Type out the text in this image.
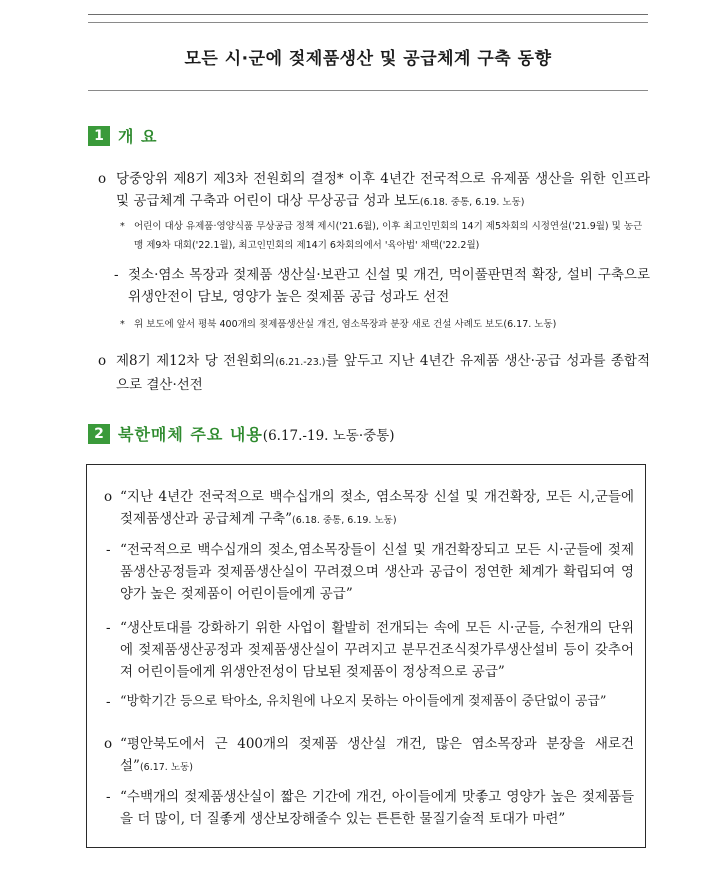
모든 시·군에 젖제품생산 및 공급체계 구축 동향
1 개 요
o 당중앙위 제8기 제3차 전원회의 결정* 이후 4년간 전국적으로 유제품 생산을 위한 인프라 및 공급체계 구축과 어린이 대상 무상공급 성과 보도(6.18. 중통, 6.19. 노동)
* 어린이 대상 유제품·영양식품 무상공급 정책 제시('21.6월), 이후 최고인민회의 14기 제5차회의 시정연설('21.9월) 및 농근맹 제9차 대회('22.1월), 최고인민회의 제14기 6차회의에서 '육아법' 채택('22.2월)
- 젖소·염소 목장과 젖제품 생산실·보관고 신설 및 개건, 먹이풀판면적 확장, 설비 구축으로 위생안전이 담보, 영양가 높은 젖제품 공급 성과도 선전
* 위 보도에 앞서 평북 400개의 젖제품생산실 개건, 염소목장과 분장 새로 건설 사례도 보도(6.17. 노동)
o 제8기 제12차 당 전원회의(6.21.-23.)를 앞두고 지난 4년간 유제품 생산·공급 성과를 종합적으로 결산·선전
2 북한매체 주요 내용(6.17.-19. 노동·중통)
o “지난 4년간 전국적으로 백수십개의 젖소, 염소목장 신설 및 개건확장, 모든 시,군들에 젖제품생산과 공급체계 구축”(6.18. 중통, 6.19. 노동)
- “전국적으로 백수십개의 젖소,염소목장들이 신설 및 개건확장되고 모든 시·군들에 젖제품생산공정들과 젖제품생산실이 꾸려졌으며 생산과 공급이 정연한 체계가 확립되여 영양가 높은 젖제품이 어린이들에게 공급”
- “생산토대를 강화하기 위한 사업이 활발히 전개되는 속에 모든 시·군들, 수천개의 단위에 젖제품생산공정과 젖제품생산실이 꾸려지고 분무건조식젖가루생산설비 등이 갖추어져 어린이들에게 위생안전성이 담보된 젖제품이 정상적으로 공급”
- “방학기간 등으로 탁아소, 유치원에 나오지 못하는 아이들에게 젖제품이 중단없이 공급”
o “평안북도에서 근 400개의 젖제품 생산실 개건, 많은 염소목장과 분장을 새로건설”(6.17. 노동)
- “수백개의 젖제품생산실이 짧은 기간에 개건, 아이들에게 맛좋고 영양가 높은 젖제품들을 더 많이, 더 질좋게 생산보장해줄수 있는 튼튼한 물질기술적 토대가 마련”
